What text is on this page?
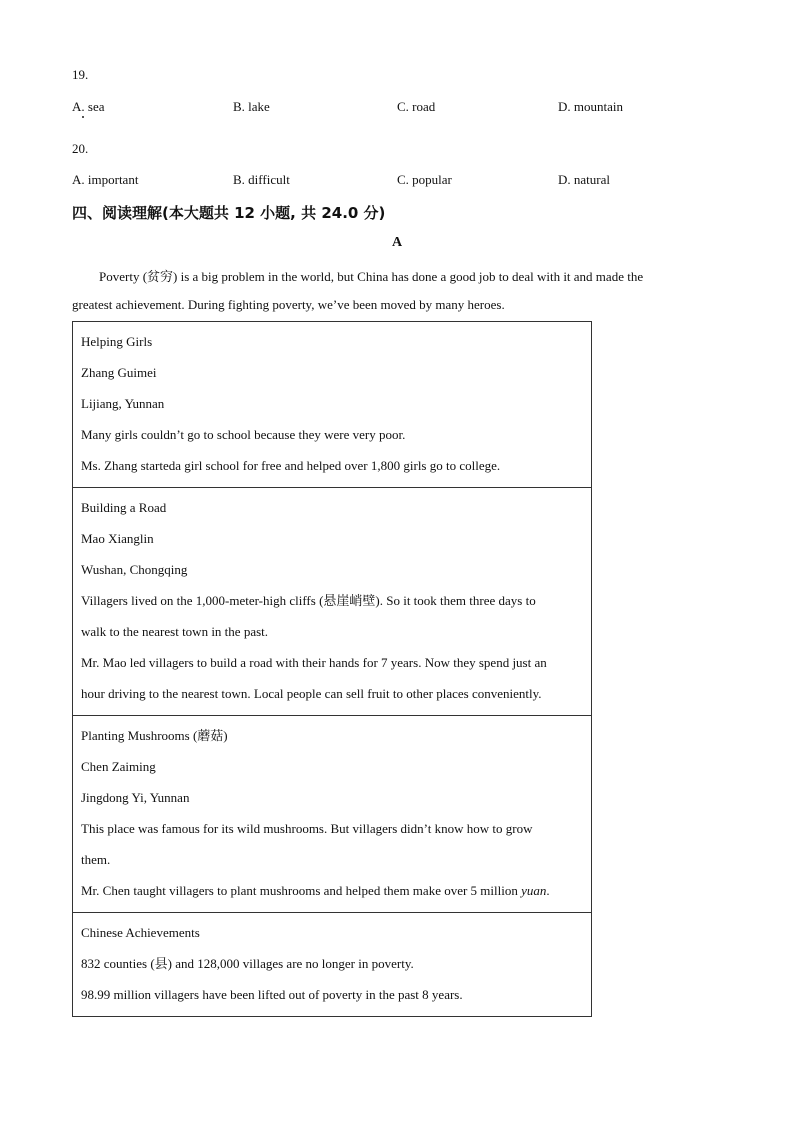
19.
A. sea	B. lake	C. road	D. mountain
20.
A. important	B. difficult	C. popular	D. natural
四、阅读理解(本大题共 12 小题, 共 24.0 分)
A
Poverty (贫穷) is a big problem in the world, but China has done a good job to deal with it and made the
greatest achievement. During fighting poverty, we’ve been moved by many heroes.
Helping Girls
Zhang Guimei
Lijiang, Yunnan
Many girls couldn’t go to school because they were very poor.
Ms. Zhang starteda girl school for free and helped over 1,800 girls go to college.

Building a Road
Mao Xianglin
Wushan, Chongqing
Villagers lived on the 1,000-meter-high cliffs (悬崖峭壁). So it took them three days to
walk to the nearest town in the past.
Mr. Mao led villagers to build a road with their hands for 7 years. Now they spend just an
hour driving to the nearest town. Local people can sell fruit to other places conveniently.

Planting Mushrooms (蘑菇)
Chen Zaiming
Jingdong Yi, Yunnan
This place was famous for its wild mushrooms. But villagers didn’t know how to grow
them.
Mr. Chen taught villagers to plant mushrooms and helped them make over 5 million yuan.

Chinese Achievements
832 counties (县) and 128,000 villages are no longer in poverty.
98.99 million villagers have been lifted out of poverty in the past 8 years.
